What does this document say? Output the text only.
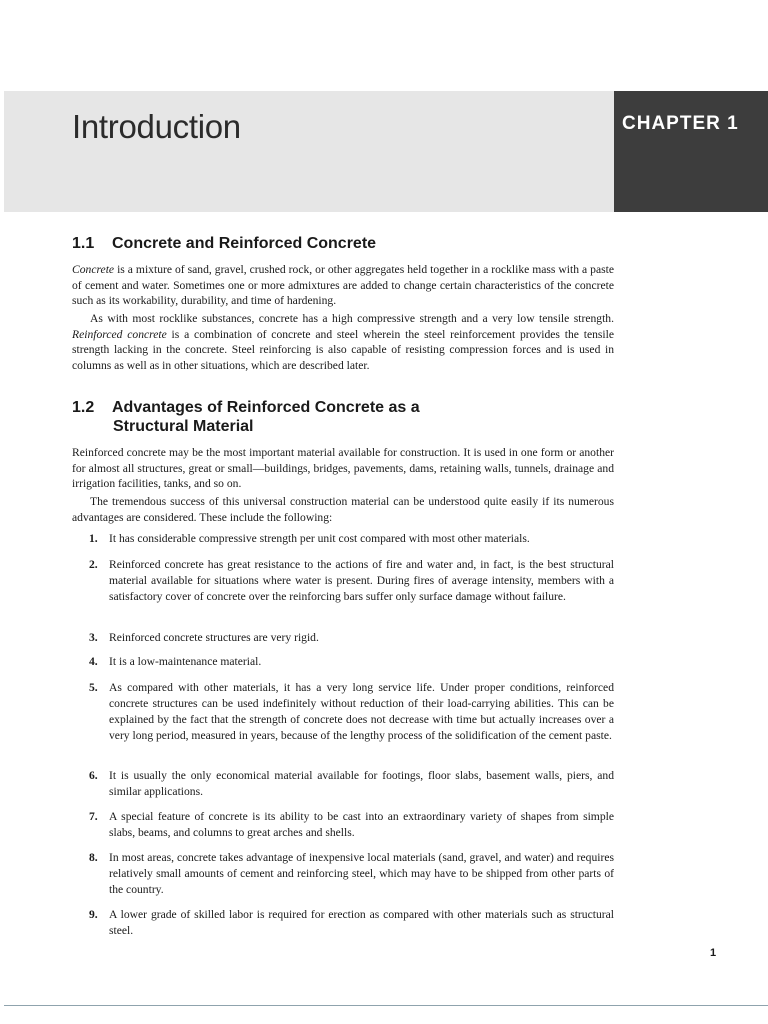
Introduction	CHAPTER 1
1.1 Concrete and Reinforced Concrete

Concrete is a mixture of sand, gravel, crushed rock, or other aggregates held together in a rocklike mass with a paste of cement and water. Sometimes one or more admixtures are added to change certain characteristics of the concrete such as its workability, durability, and time of hardening.

As with most rocklike substances, concrete has a high compressive strength and a very low tensile strength. Reinforced concrete is a combination of concrete and steel wherein the steel reinforcement provides the tensile strength lacking in the concrete. Steel reinforcing is also capable of resisting compression forces and is used in columns as well as in other situations, which are described later.

1.2 Advantages of Reinforced Concrete as a
Structural Material

Reinforced concrete may be the most important material available for construction. It is used in one form or another for almost all structures, great or small—buildings, bridges, pavements, dams, retaining walls, tunnels, drainage and irrigation facilities, tanks, and so on.

The tremendous success of this universal construction material can be understood quite easily if its numerous advantages are considered. These include the following:

1. It has considerable compressive strength per unit cost compared with most other materials.
2. Reinforced concrete has great resistance to the actions of fire and water and, in fact, is the best structural material available for situations where water is present. During fires of average intensity, members with a satisfactory cover of concrete over the reinforcing bars suffer only surface damage without failure.
3. Reinforced concrete structures are very rigid.
4. It is a low-maintenance material.
5. As compared with other materials, it has a very long service life. Under proper conditions, reinforced concrete structures can be used indefinitely without reduction of their load-carrying abilities. This can be explained by the fact that the strength of concrete does not decrease with time but actually increases over a very long period, measured in years, because of the lengthy process of the solidification of the cement paste.
6. It is usually the only economical material available for footings, floor slabs, basement walls, piers, and similar applications.
7. A special feature of concrete is its ability to be cast into an extraordinary variety of shapes from simple slabs, beams, and columns to great arches and shells.
8. In most areas, concrete takes advantage of inexpensive local materials (sand, gravel, and water) and requires relatively small amounts of cement and reinforcing steel, which may have to be shipped from other parts of the country.
9. A lower grade of skilled labor is required for erection as compared with other materials such as structural steel.
1
